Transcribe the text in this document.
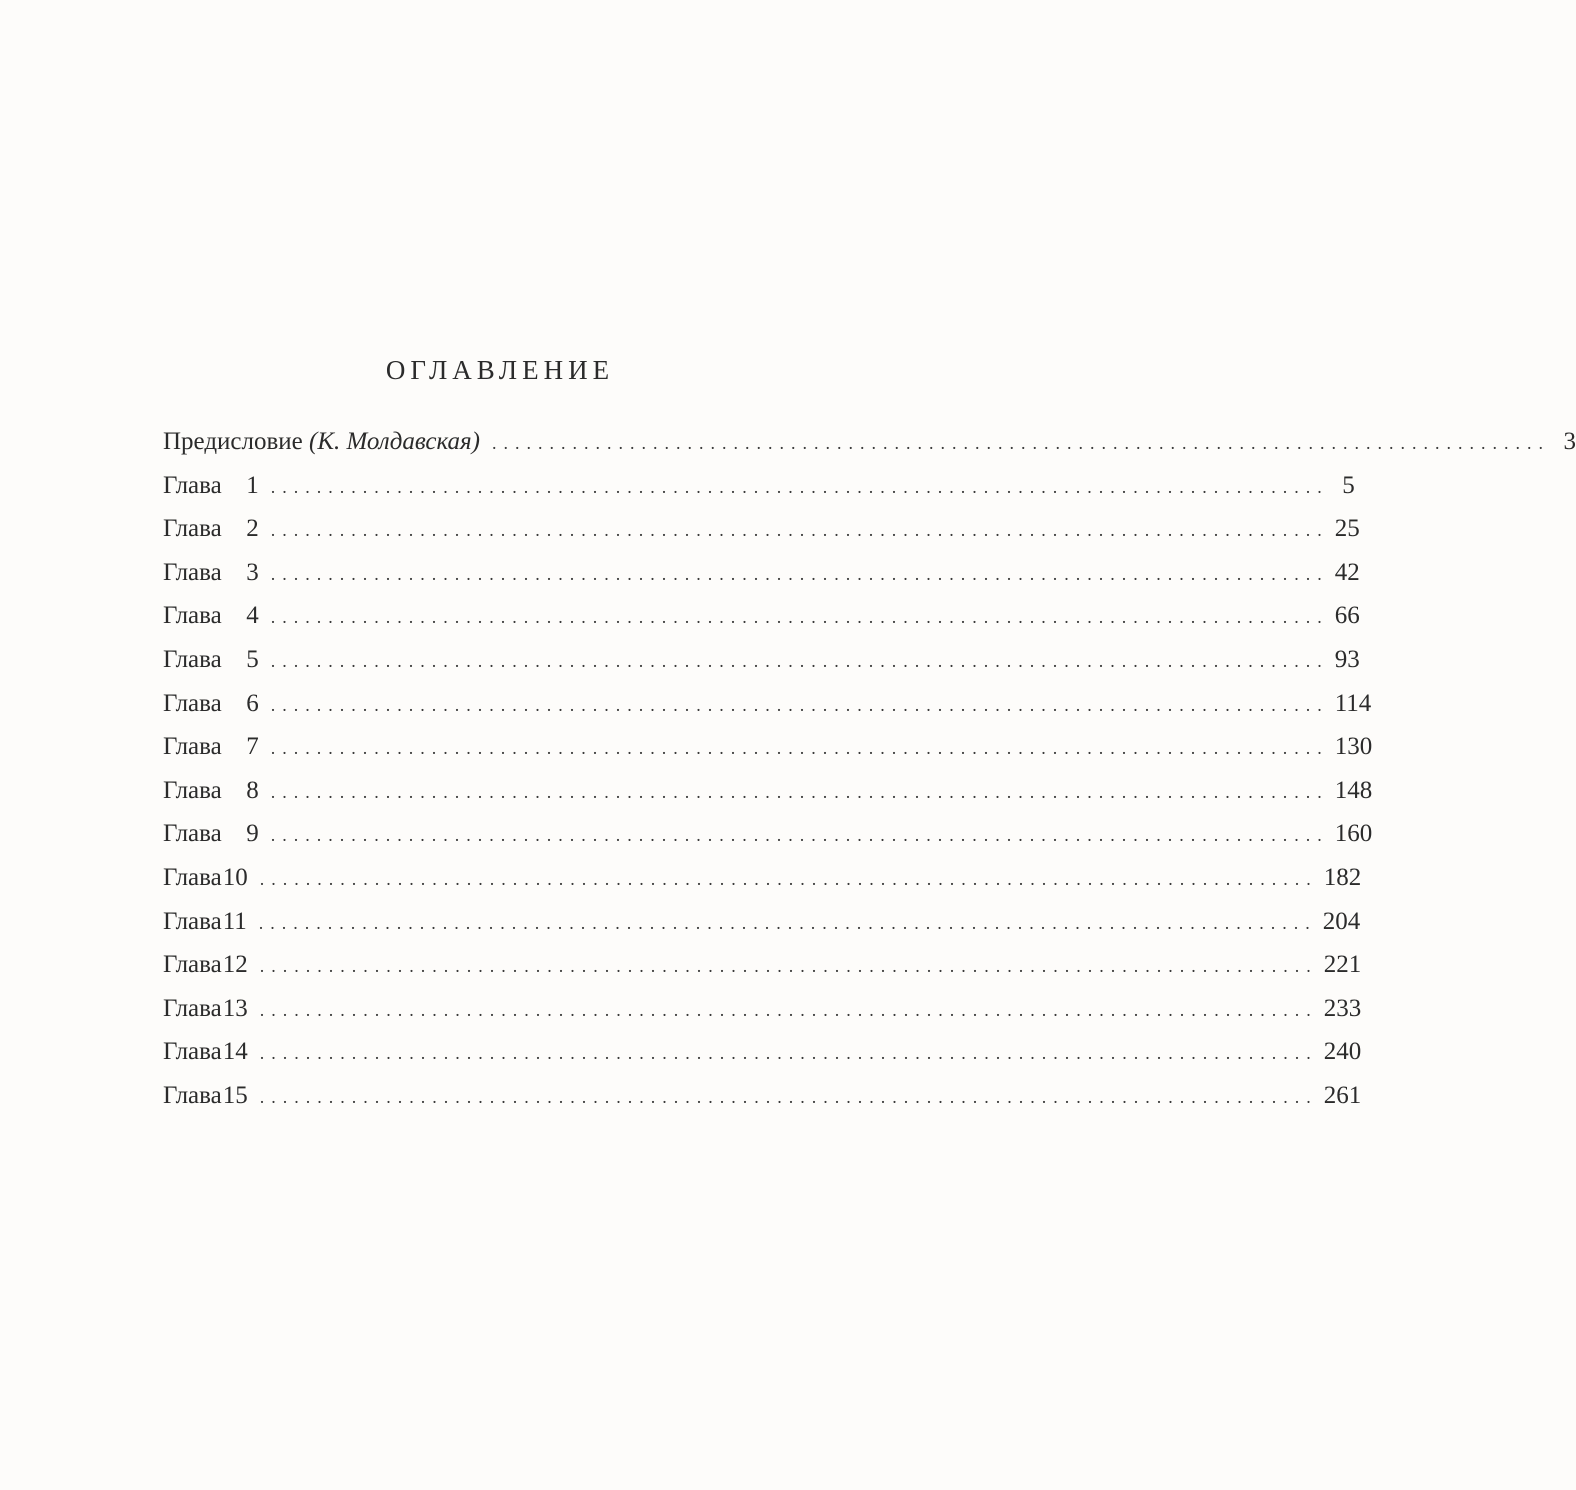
ОГЛАВЛЕНИЕ
Предисловие (К. Молдавская) ............................................................................................ 3
Глава 1 ............................................................................................ 5
Глава 2 ............................................................................................ 25
Глава 3 ............................................................................................ 42
Глава 4 ............................................................................................ 66
Глава 5 ............................................................................................ 93
Глава 6 ............................................................................................ 114
Глава 7 ............................................................................................ 130
Глава 8 ............................................................................................ 148
Глава 9 ............................................................................................ 160
Глава10 ............................................................................................ 182
Глава11 ............................................................................................ 204
Глава12 ............................................................................................ 221
Глава13 ............................................................................................ 233
Глава14 ............................................................................................ 240
Глава15 ............................................................................................ 261
